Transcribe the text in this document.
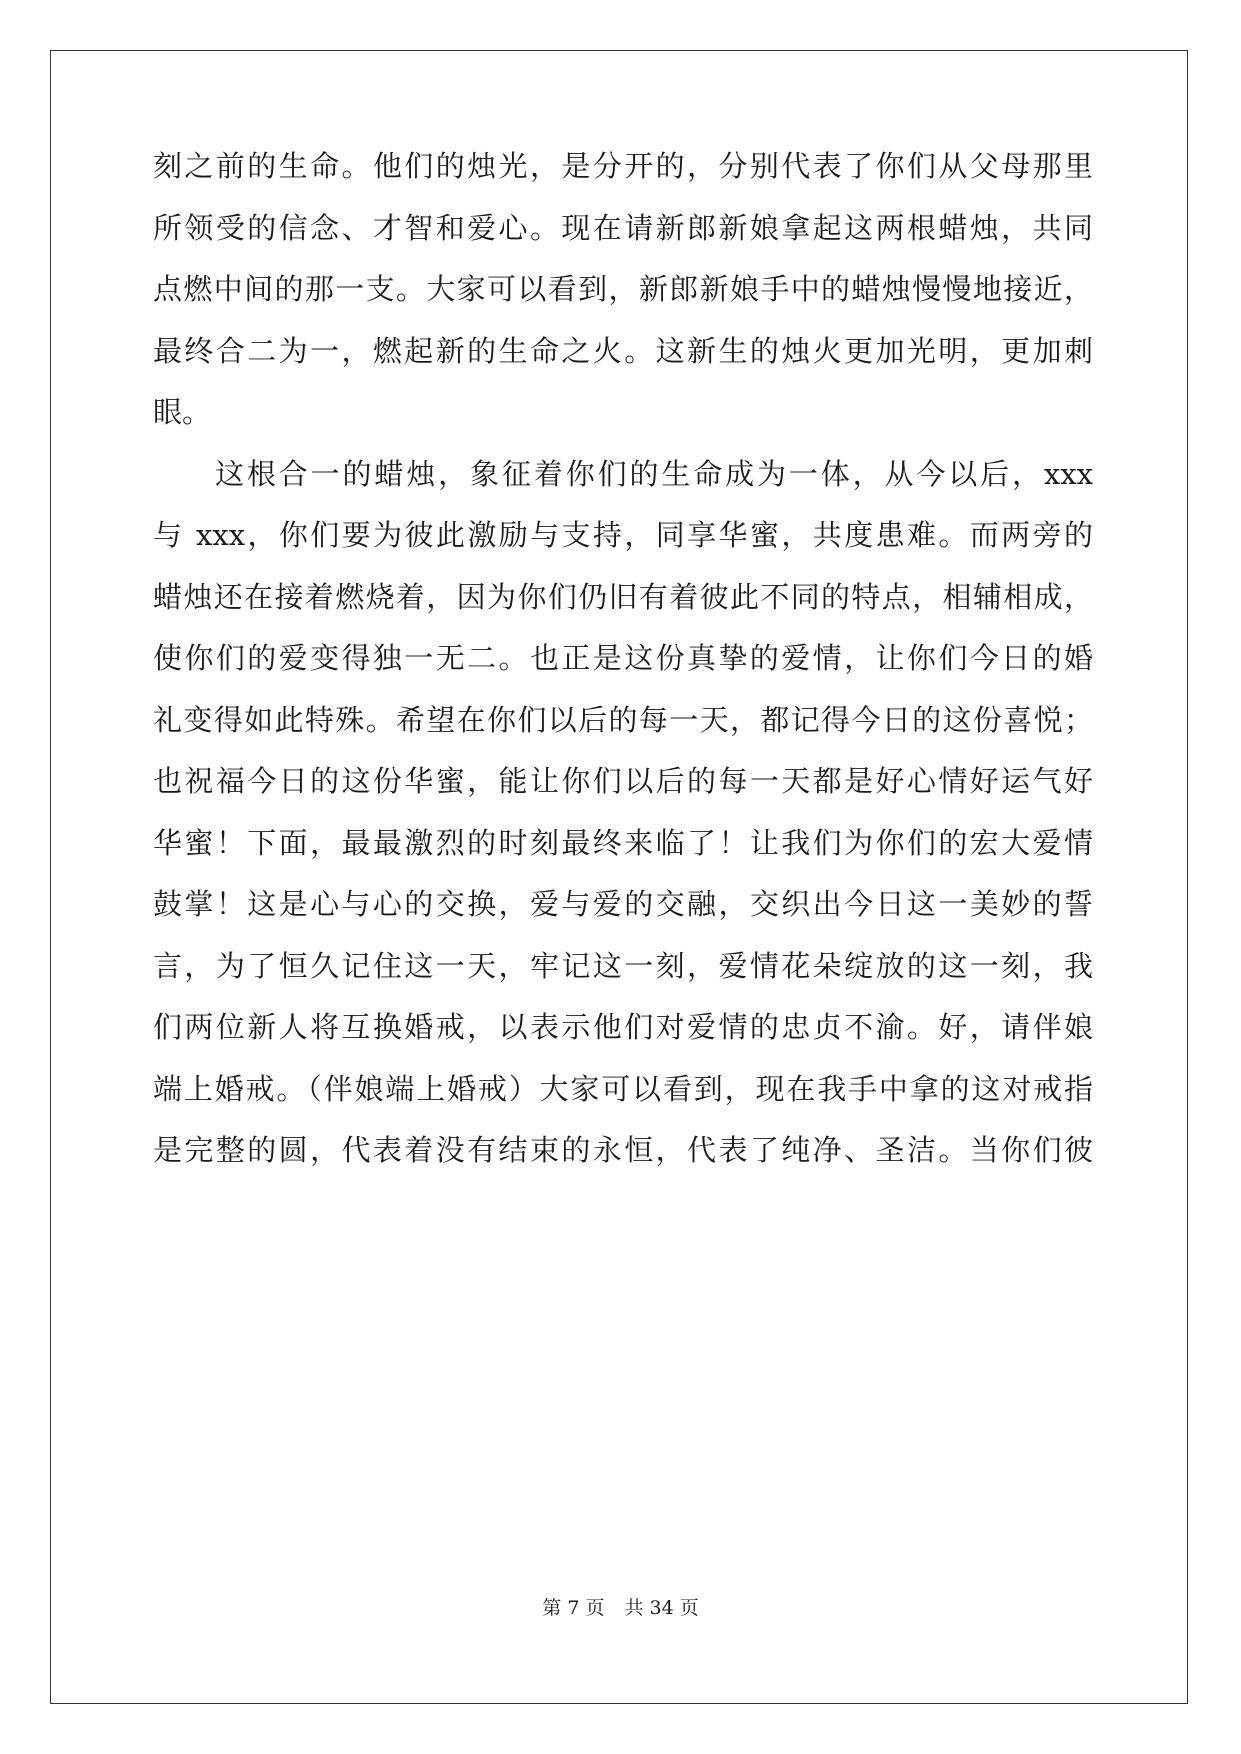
刻之前的生命。他们的烛光，是分开的，分别代表了你们从父母那里
所领受的信念、才智和爱心。现在请新郎新娘拿起这两根蜡烛，共同
点燃中间的那一支。大家可以看到，新郎新娘手中的蜡烛慢慢地接近，
最终合二为一，燃起新的生命之火。这新生的烛火更加光明，更加刺
眼。
这根合一的蜡烛，象征着你们的生命成为一体，从今以后，xxx
与 xxx，你们要为彼此激励与支持，同享华蜜，共度患难。而两旁的
蜡烛还在接着燃烧着，因为你们仍旧有着彼此不同的特点，相辅相成，
使你们的爱变得独一无二。也正是这份真挚的爱情，让你们今日的婚
礼变得如此特殊。希望在你们以后的每一天，都记得今日的这份喜悦；
也祝福今日的这份华蜜，能让你们以后的每一天都是好心情好运气好
华蜜！下面，最最激烈的时刻最终来临了！让我们为你们的宏大爱情
鼓掌！这是心与心的交换，爱与爱的交融，交织出今日这一美妙的誓
言，为了恒久记住这一天，牢记这一刻，爱情花朵绽放的这一刻，我
们两位新人将互换婚戒，以表示他们对爱情的忠贞不渝。好，请伴娘
端上婚戒。（伴娘端上婚戒）大家可以看到，现在我手中拿的这对戒指
是完整的圆，代表着没有结束的永恒，代表了纯净、圣洁。当你们彼
第 7 页 共 34 页
